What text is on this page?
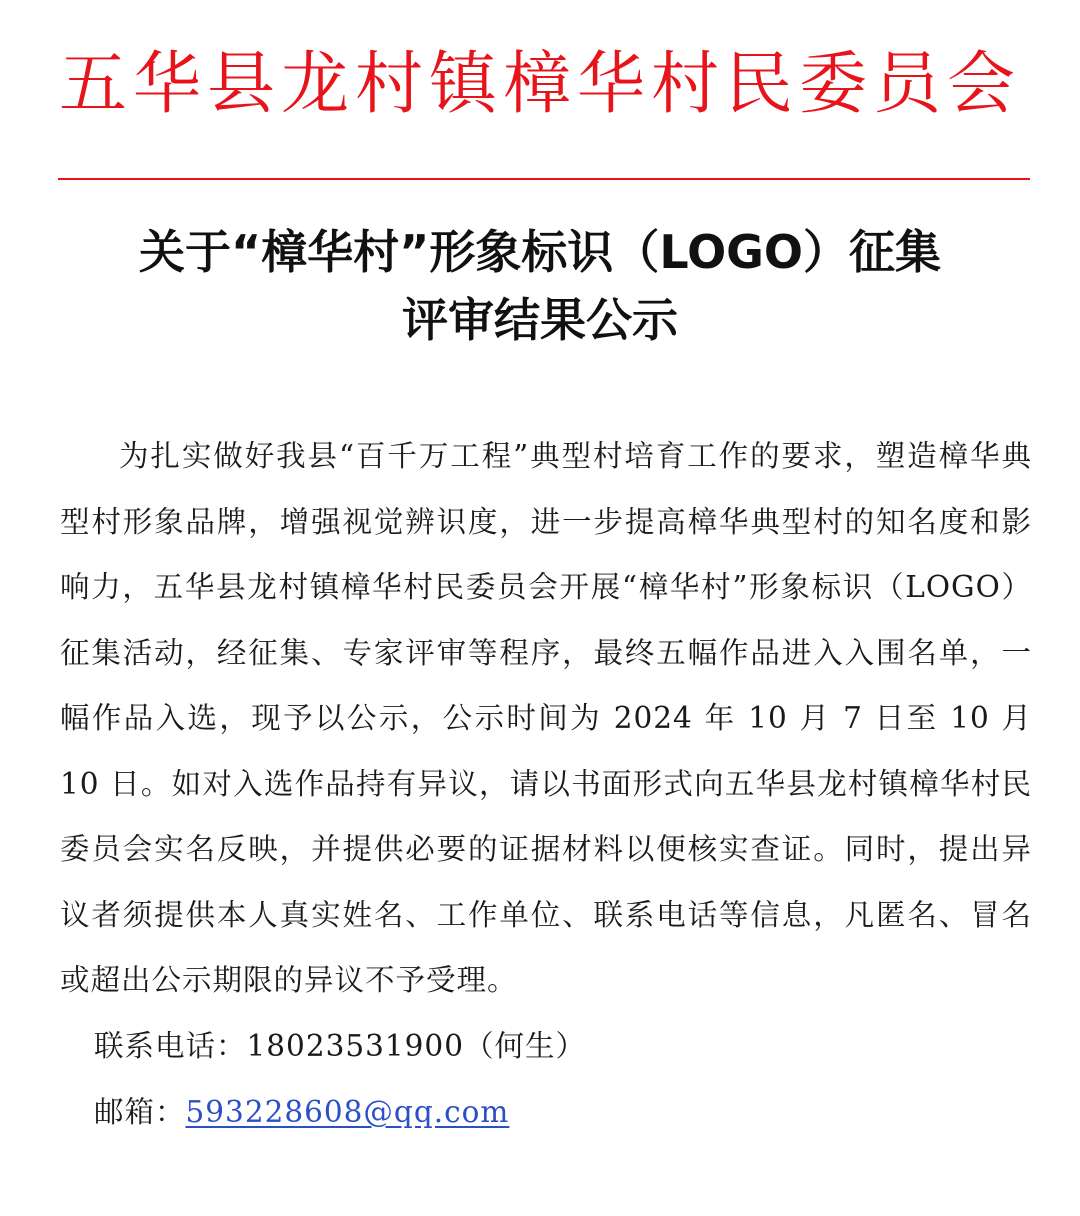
五华县龙村镇樟华村民委员会
关于“樟华村”形象标识（LOGO）征集
评审结果公示

为扎实做好我县“百千万工程”典型村培育工作的要求，塑造樟华典型村形象品牌，增强视觉辨识度，进一步提高樟华典型村的知名度和影响力，五华县龙村镇樟华村民委员会开展“樟华村”形象标识（LOGO）征集活动，经征集、专家评审等程序，最终五幅作品进入入围名单，一幅作品入选，现予以公示，公示时间为 2024 年 10 月 7 日至 10 月 10 日。如对入选作品持有异议，请以书面形式向五华县龙村镇樟华村民委员会实名反映，并提供必要的证据材料以便核实查证。同时，提出异议者须提供本人真实姓名、工作单位、联系电话等信息，凡匿名、冒名或超出公示期限的异议不予受理。

联系电话：18023531900（何生）
邮箱：593228608@qq.com
